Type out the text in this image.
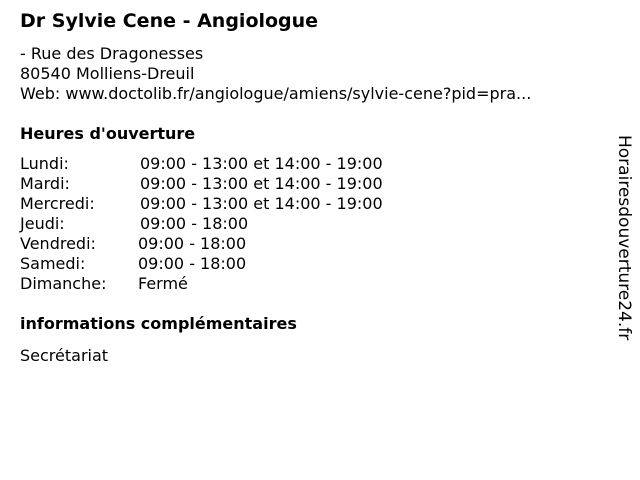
Dr Sylvie Cene - Angiologue
- Rue des Dragonesses
80540 Molliens-Dreuil
Web: www.doctolib.fr/angiologue/amiens/sylvie-cene?pid=pra...
Heures d'ouverture
Lundi:	09:00 - 13:00 et 14:00 - 19:00
Mardi:	09:00 - 13:00 et 14:00 - 19:00
Mercredi:	09:00 - 13:00 et 14:00 - 19:00
Jeudi:	09:00 - 18:00
Vendredi:	09:00 - 18:00
Samedi:	09:00 - 18:00
Dimanche: Fermé
informations complémentaires
Secrétariat
Horairesdouverture24.fr
